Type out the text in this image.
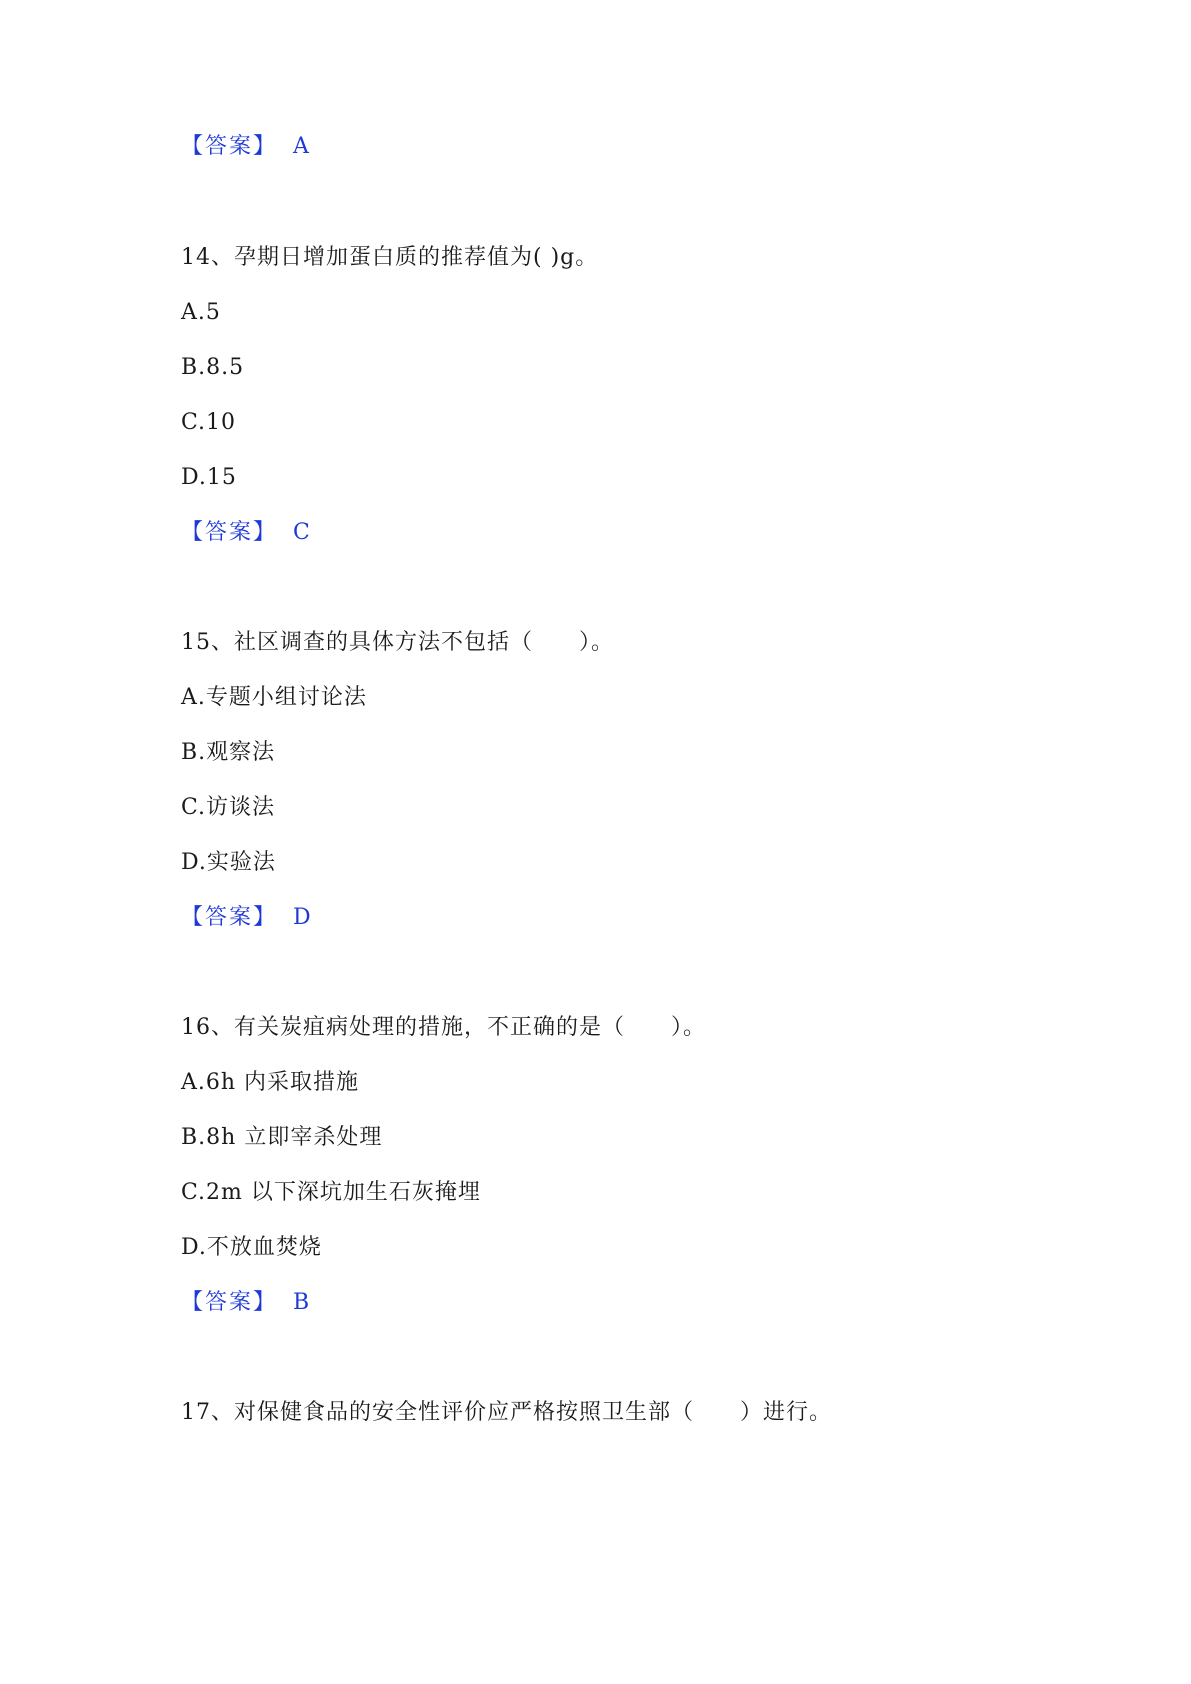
【答案】 A
14、孕期日增加蛋白质的推荐值为( )g。
A.5
B.8.5
C.10
D.15
【答案】 C
15、社区调查的具体方法不包括（　　）。
A.专题小组讨论法
B.观察法
C.访谈法
D.实验法
【答案】 D
16、有关炭疽病处理的措施，不正确的是（　　）。
A.6h 内采取措施
B.8h 立即宰杀处理
C.2m 以下深坑加生石灰掩埋
D.不放血焚烧
【答案】 B
17、对保健食品的安全性评价应严格按照卫生部（　　）进行。
